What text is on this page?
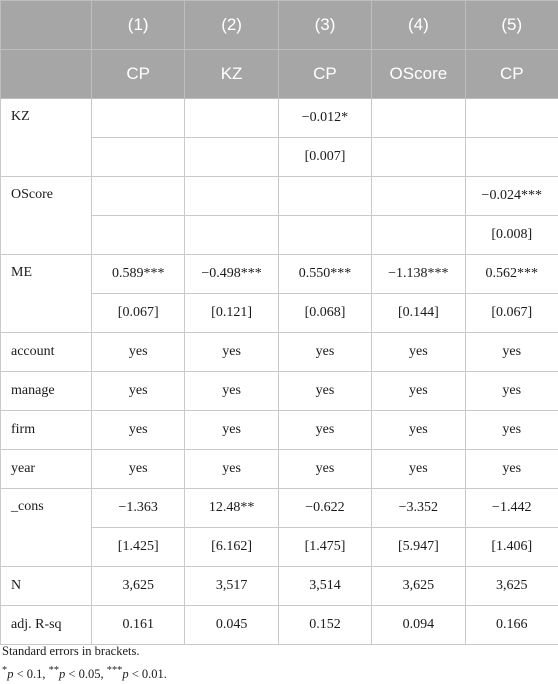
	(1)	(2)	(3)	(4)	(5)
	CP	KZ	CP	OScore	CP
KZ			−0.012*		
			[0.007]		
OScore					−0.024***
					[0.008]
ME	0.589***	−0.498***	0.550***	−1.138***	0.562***
	[0.067]	[0.121]	[0.068]	[0.144]	[0.067]
account	yes	yes	yes	yes	yes
manage	yes	yes	yes	yes	yes
firm	yes	yes	yes	yes	yes
year	yes	yes	yes	yes	yes
_cons	−1.363	12.48**	−0.622	−3.352	−1.442
	[1.425]	[6.162]	[1.475]	[5.947]	[1.406]
N	3,625	3,517	3,514	3,625	3,625
adj. R-sq	0.161	0.045	0.152	0.094	0.166
Standard errors in brackets.
*p < 0.1, **p < 0.05, ***p < 0.01.
